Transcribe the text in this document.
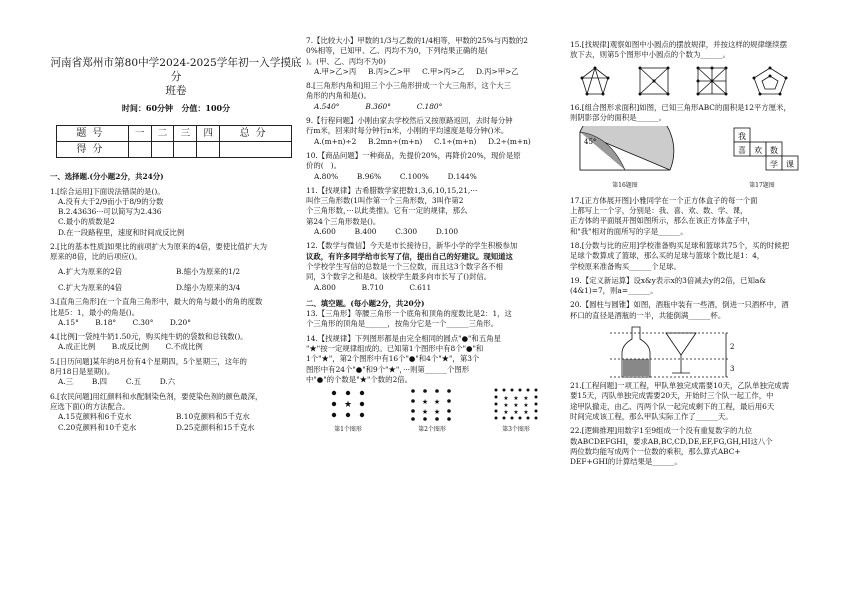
河南省郑州市第80中学2024-2025学年初一入学摸底分

班卷

时间：60分钟   分值：100分

题号	一	二	三	四	总分
得分					

一、选择题.(分小题2分，共24分)

1.[综合运用]下面说法错误的是()。

A.没有大于2/9而小于8/9的分数

B.2.43636···可以简写为2.436

C.最小的质数是2

D.在一段路程里，速度和时间成反比例

2.[比的基本性质]如果比的前项扩大为原来的4倍，要使比值扩大为

原来的8倍，比的后项应()。

A.扩大为原来的2倍	B.缩小为原来的1/2

C.扩大为原来的4倍	D.缩小为原来的3/4

3.[直角三角形]在一个直角三角形中，最大的角与最小的角的度数

比是5：1，最小的角是()。

A.15°       B.18°       C.30°       D.20°

4.[比例]一袋纯牛奶1.50元，购买纯牛奶的袋数和总钱数()。

A.成正比例       B.成反比例       C.不成比例

5.[日历问题]某年的8月份有4个星期四，5个星期三，这年的

8月18日是星期()。

A.三        B.四        C.五        D.六

6.[农民问题]用红颜料和水配制染色剂，要使染色剂的颜色最深，

应选下面()的方法配合。

A.15克颜料和6千克水	B.10克颜料和5千克水

C.20克颜料和10千克水	D.25克颜料和15千克水

7.【比较大小】甲数的1/3与乙数的1/4相等，甲数的25%与丙数的2

0%相等，已知甲、乙、丙均不为0，下列结果正确的是(

)。(甲、乙、丙均不为0)

A.甲>乙>丙     B.丙>乙>甲     C.甲>丙>乙     D.丙>甲>乙

8.[三角形内角和]用三个小三角形拼成一个大三角形，这个大三

角形的内角和是()。

A.540°           B.360°           C.180°

9.【行程问题】小刚由家去学校然后又按原路返回，去时每分钟

行m米，回来时每分钟行n米，小刚的平均速度是每分钟()米。

A.(m+n)÷2     B.2mn÷(m+n)     C.1÷(m+n)     D.2÷(m+n)

10.【商品问题】一种商品，先提价20%，再降价20%，现价是原

价的(   )。

A.80%        B.96%        C.100%        D.144%

11.【找规律】古希腊数学家把数1,3,6,10,15,21,···

叫作三角形数(1叫作第一个三角形数，3叫作第2

个三角形数，···以此类推)。它有一定的规律，那么

第24个三角形数是()。

A.600        B.400        C.300        D.100

12.【数学与微信】今天是市长接待日，新华小学的学生积极参加

议政，有许多同学给市长写了信，提出自己的好建议。现知道这

个学校学生写信的总数是一个三位数，而且这3个数字各不相

同，3个数字之和是8。该校学生最多向市长写了()封信。

A.800           B.710           C.611

二、填空题。(每小题2分，共20分)

13.【三角形】等腰三角形一个底角和顶角的度数比是2：1，这

个三角形的顶角是______，按角分它是一个______三角形。

14.【找规律】下列图形都是由完全相同的圆点"●"和五角星

"★"按一定规律组成的。已知第1个图形中有8个"●"和

1个"★"，第2个图形中有16个"●"和4个"★"，第3个

图形中有24个"●"和9个"★"，···则第______个图形

中"●"的个数是"★"个数的2倍。

★

第1个图形

★ ★
★ ★

第2个图形

★ ★ ★
★ ★ ★
★ ★ ★

第3个图形

15.[找规律]观察如图中小圆点的摆放规律，并按这样的规律继续摆

放下去，则第5个图形中小圆点的个数为______。

16.[组合图形求面积]如图，已知三角形ABC的面积是12平方厘米，

则阴影部分的面积是______。

45°

第16题图

我
喜 欢 数
学 课

第17题图

17.[正方体展开图]小雅同学在一个正方体盒子的每一个面

上都写上一个字，分别是：我、喜、欢、数、学、课，

正方体的平面展开图如图所示，那么在该正方体盒子中，

和"我"相对的面所写的字是______。

18.[分数与比的应用]学校准备购买足球和篮球共75个，买的时候把

足球个数算成了篮球，那么买的足球与篮球个数比是1：4，

学校原来准备购买______个足球。

19.【定义新运算】设x&y表示x的3倍减去y的2倍，已知a&

(4&1)=7，则a=______。

20.【圆柱与圆锥】如图，酒瓶中装有一些酒，倒进一只酒杯中，酒

杯口的直径是酒瓶的一半，共能倒满______杯。

2
3

21.[工程问题]一项工程，甲队单独完成需要10天，乙队单独完成需

要15天，丙队单独完成需要20天，开始时三个队一起工作，中

途甲队撤走，由乙、丙两个队一起完成剩下的工程，最后用6天

时间完成该工程，那么甲队实际工作了______天。

22.[逻辑推理]用数字1至9组成一个没有重复数字的九位

数ABCDEFGHI，要求AB,BC,CD,DE,EF,FG,GH,HI这八个

两位数均能写成两个一位数的乘积，那么算式ABC+

DEF+GHI的计算结果是______。
